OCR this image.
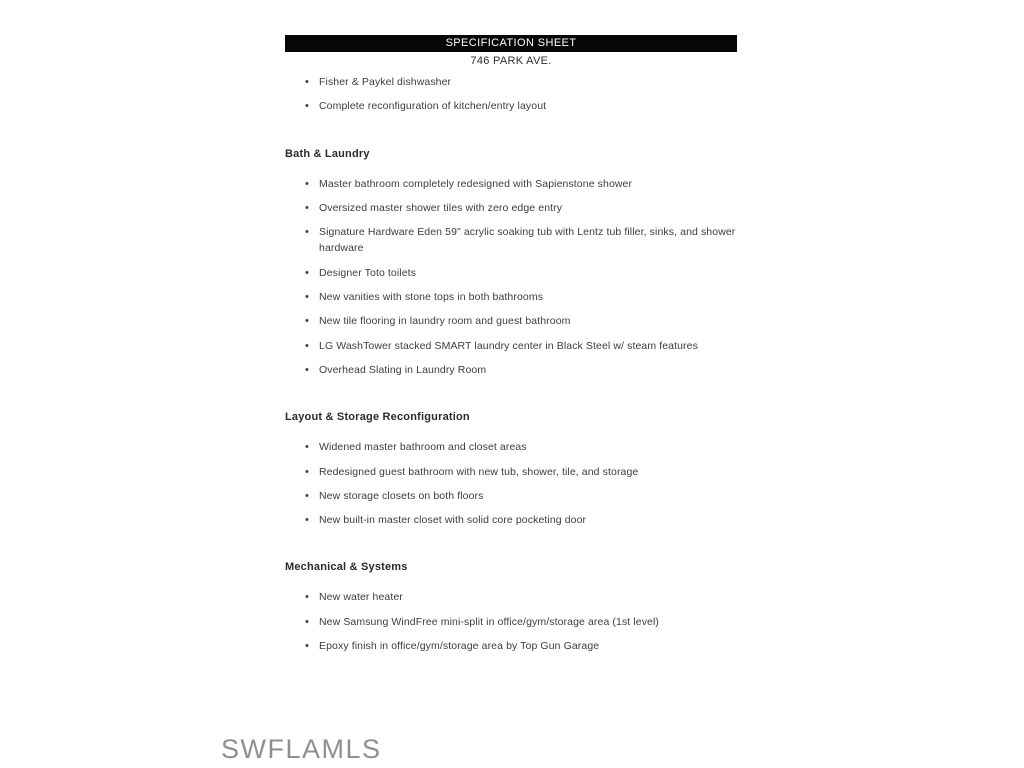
SPECIFICATION SHEET
746 PARK AVE.
• Fisher & Paykel dishwasher
• Complete reconfiguration of kitchen/entry layout
Bath & Laundry
• Master bathroom completely redesigned with Sapienstone shower
• Oversized master shower tiles with zero edge entry
• Signature Hardware Eden 59" acrylic soaking tub with Lentz tub filler, sinks, and shower hardware
• Designer Toto toilets
• New vanities with stone tops in both bathrooms
• New tile flooring in laundry room and guest bathroom
• LG WashTower stacked SMART laundry center in Black Steel w/ steam features
• Overhead Slating in Laundry Room
Layout & Storage Reconfiguration
• Widened master bathroom and closet areas
• Redesigned guest bathroom with new tub, shower, tile, and storage
• New storage closets on both floors
• New built-in master closet with solid core pocketing door
Mechanical & Systems
• New water heater
• New Samsung WindFree mini-split in office/gym/storage area (1st level)
• Epoxy finish in office/gym/storage area by Top Gun Garage
SWFLAMLS
